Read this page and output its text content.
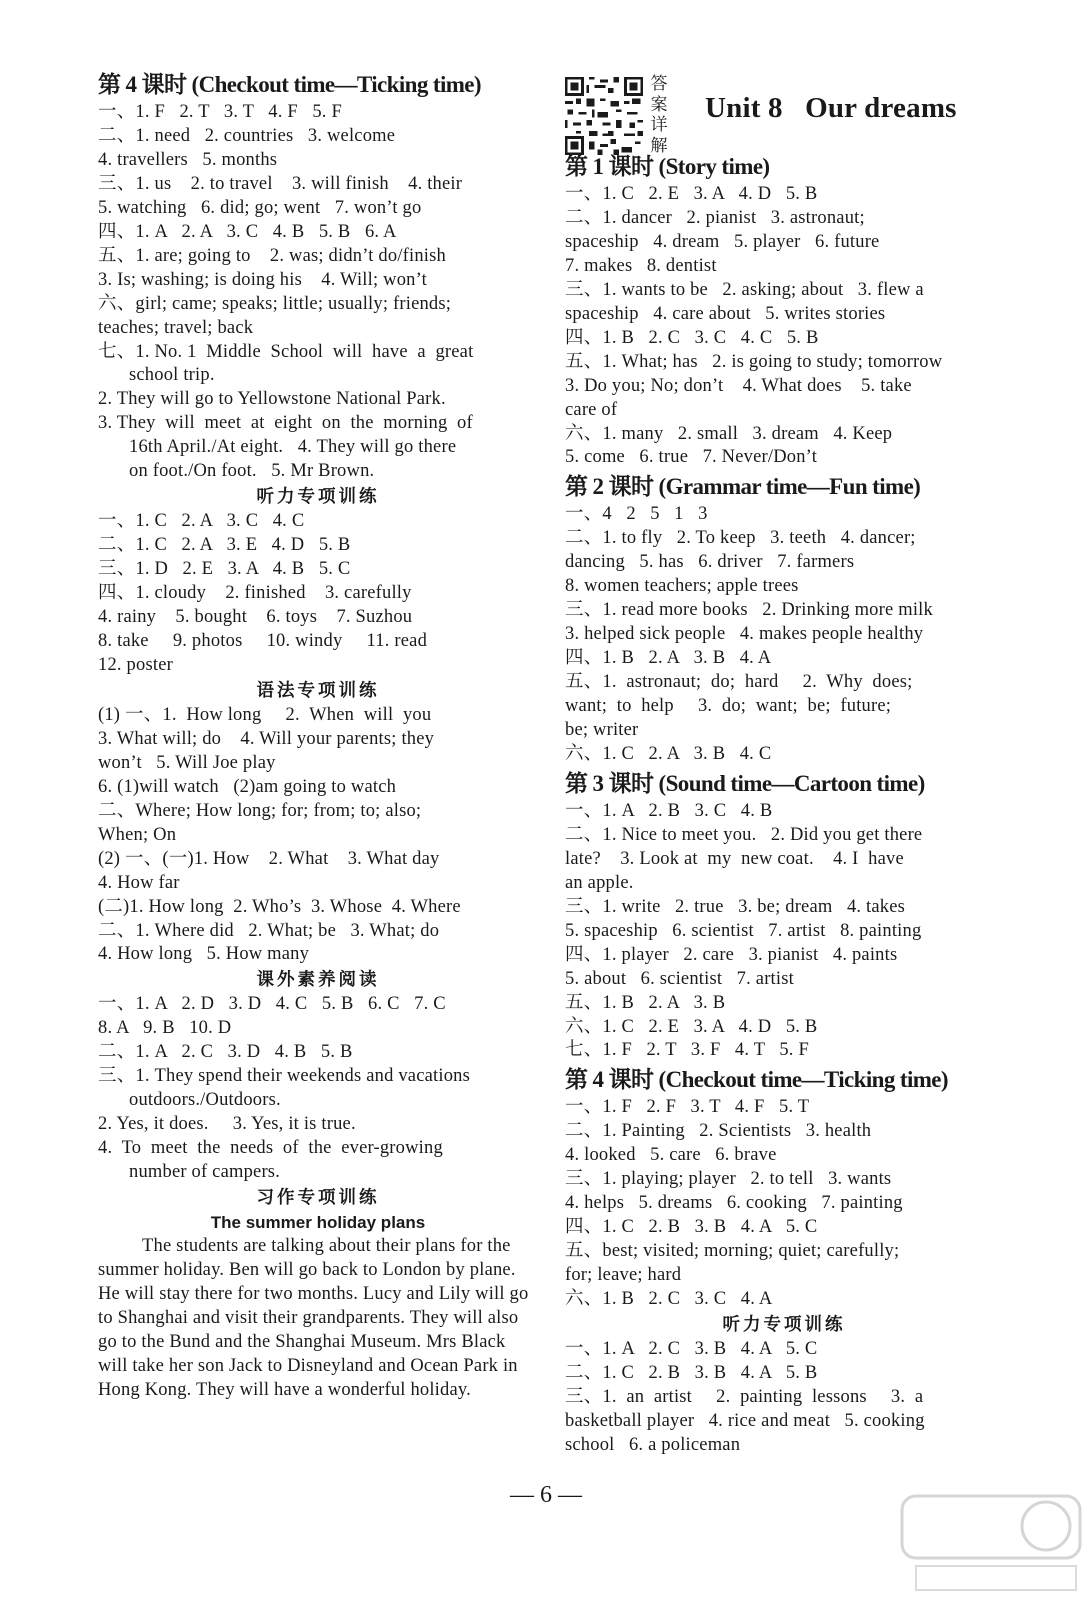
答案详解
Unit 8   Our dreams
第 4 课时 (Checkout time—Ticking time)
一、1. F   2. T   3. T   4. F   5. F
二、1. need   2. countries   3. welcome
4. travellers   5. months
三、1. us    2. to travel    3. will finish    4. their
5. watching   6. did; go; went   7. won’t go
四、1. A   2. A   3. C   4. B   5. B   6. A
五、1. are; going to    2. was; didn’t do/finish
3. Is; washing; is doing his    4. Will; won’t
六、girl; came; speaks; little; usually; friends;
teaches; travel; back
七、1. No. 1  Middle  School  will  have  a  great
school trip.
2. They will go to Yellowstone National Park.
3. They  will  meet  at  eight  on  the  morning  of
16th April./At eight.   4. They will go there
on foot./On foot.   5. Mr Brown.
听力专项训练
一、1. C   2. A   3. C   4. C
二、1. C   2. A   3. E   4. D   5. B
三、1. D   2. E   3. A   4. B   5. C
四、1. cloudy    2. finished    3. carefully
4. rainy    5. bought    6. toys    7. Suzhou
8. take     9. photos     10. windy     11. read
12. poster
语法专项训练
(1) 一、1.  How long     2.  When  will  you
3. What will; do    4. Will your parents; they
won’t   5. Will Joe play
6. (1)will watch   (2)am going to watch
二、Where; How long; for; from; to; also;
When; On
(2) 一、(一)1. How    2. What    3. What day
4. How far
(二)1. How long  2. Who’s  3. Whose  4. Where
二、1. Where did   2. What; be   3. What; do
4. How long   5. How many
课外素养阅读
一、1. A   2. D   3. D   4. C   5. B   6. C   7. C
8. A   9. B   10. D
二、1. A   2. C   3. D   4. B   5. B
三、1. They spend their weekends and vacations
outdoors./Outdoors.
2. Yes, it does.     3. Yes, it is true.
4.  To  meet  the  needs  of  the  ever-growing
number of campers.
习作专项训练
The summer holiday plans
The students are talking about their plans for the summer holiday. Ben will go back to London by plane. He will stay there for two months. Lucy and Lily will go to Shanghai and visit their grandparents. They will also go to the Bund and the Shanghai Museum. Mrs Black will take her son Jack to Disneyland and Ocean Park in Hong Kong. They will have a wonderful holiday.
第 1 课时 (Story time)
一、1. C   2. E   3. A   4. D   5. B
二、1. dancer   2. pianist   3. astronaut;
spaceship   4. dream   5. player   6. future
7. makes   8. dentist
三、1. wants to be   2. asking; about   3. flew a
spaceship   4. care about   5. writes stories
四、1. B   2. C   3. C   4. C   5. B
五、1. What; has   2. is going to study; tomorrow
3. Do you; No; don’t    4. What does    5. take
care of
六、1. many   2. small   3. dream   4. Keep
5. come   6. true   7. Never/Don’t
第 2 课时 (Grammar time—Fun time)
一、4   2   5   1   3
二、1. to fly   2. To keep   3. teeth   4. dancer;
dancing   5. has   6. driver   7. farmers
8. women teachers; apple trees
三、1. read more books   2. Drinking more milk
3. helped sick people   4. makes people healthy
四、1. B   2. A   3. B   4. A
五、1.  astronaut;  do;  hard     2.  Why  does;
want;  to  help     3.  do;  want;  be;  future;
be; writer
六、1. C   2. A   3. B   4. C
第 3 课时 (Sound time—Cartoon time)
一、1. A   2. B   3. C   4. B
二、1. Nice to meet you.   2. Did you get there
late?    3. Look at  my  new coat.    4. I  have
an apple.
三、1. write   2. true   3. be; dream   4. takes
5. spaceship   6. scientist   7. artist   8. painting
四、1. player   2. care   3. pianist   4. paints
5. about   6. scientist   7. artist
五、1. B   2. A   3. B
六、1. C   2. E   3. A   4. D   5. B
七、1. F   2. T   3. F   4. T   5. F
第 4 课时 (Checkout time—Ticking time)
一、1. F   2. F   3. T   4. F   5. T
二、1. Painting   2. Scientists   3. health
4. looked   5. care   6. brave
三、1. playing; player   2. to tell   3. wants
4. helps   5. dreams   6. cooking   7. painting
四、1. C   2. B   3. B   4. A   5. C
五、best; visited; morning; quiet; carefully;
for; leave; hard
六、1. B   2. C   3. C   4. A
听力专项训练
一、1. A   2. C   3. B   4. A   5. C
二、1. C   2. B   3. B   4. A   5. B
三、1.  an  artist     2.  painting  lessons     3.  a
basketball player   4. rice and meat   5. cooking
school   6. a policeman
— 6 —
